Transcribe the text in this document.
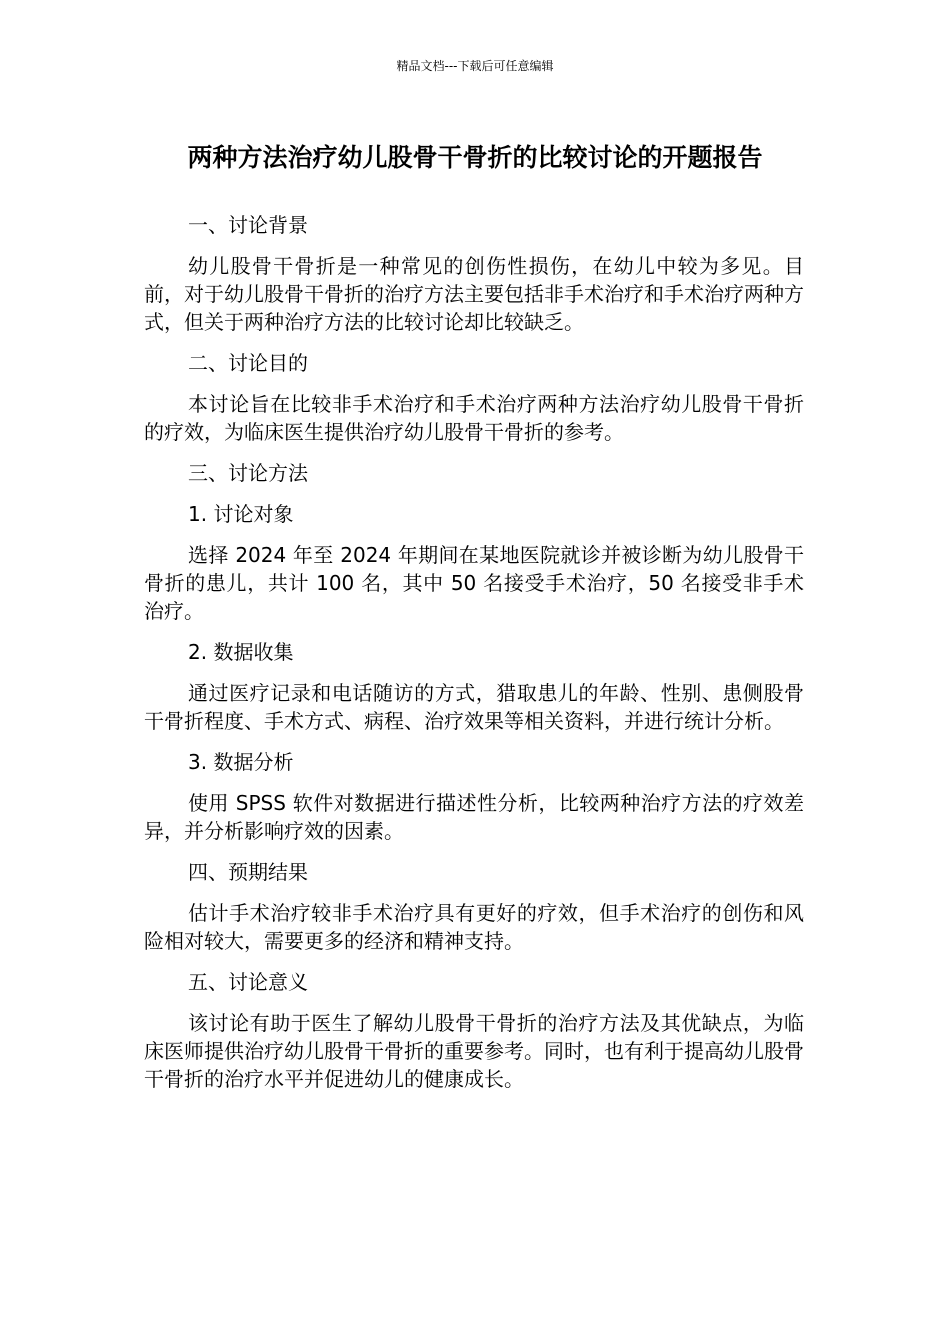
精品文档---下载后可任意编辑
两种方法治疗幼儿股骨干骨折的比较讨论的开题报告

一、讨论背景

幼儿股骨干骨折是一种常见的创伤性损伤，在幼儿中较为多见。目前，对于幼儿股骨干骨折的治疗方法主要包括非手术治疗和手术治疗两种方式，但关于两种治疗方法的比较讨论却比较缺乏。

二、讨论目的

本讨论旨在比较非手术治疗和手术治疗两种方法治疗幼儿股骨干骨折的疗效，为临床医生提供治疗幼儿股骨干骨折的参考。

三、讨论方法

1. 讨论对象

选择 2024 年至 2024 年期间在某地医院就诊并被诊断为幼儿股骨干骨折的患儿，共计 100 名，其中 50 名接受手术治疗，50 名接受非手术治疗。

2. 数据收集

通过医疗记录和电话随访的方式，猎取患儿的年龄、性别、患侧股骨干骨折程度、手术方式、病程、治疗效果等相关资料，并进行统计分析。

3. 数据分析

使用 SPSS 软件对数据进行描述性分析，比较两种治疗方法的疗效差异，并分析影响疗效的因素。

四、预期结果

估计手术治疗较非手术治疗具有更好的疗效，但手术治疗的创伤和风险相对较大，需要更多的经济和精神支持。

五、讨论意义

该讨论有助于医生了解幼儿股骨干骨折的治疗方法及其优缺点，为临床医师提供治疗幼儿股骨干骨折的重要参考。同时，也有利于提高幼儿股骨干骨折的治疗水平并促进幼儿的健康成长。
